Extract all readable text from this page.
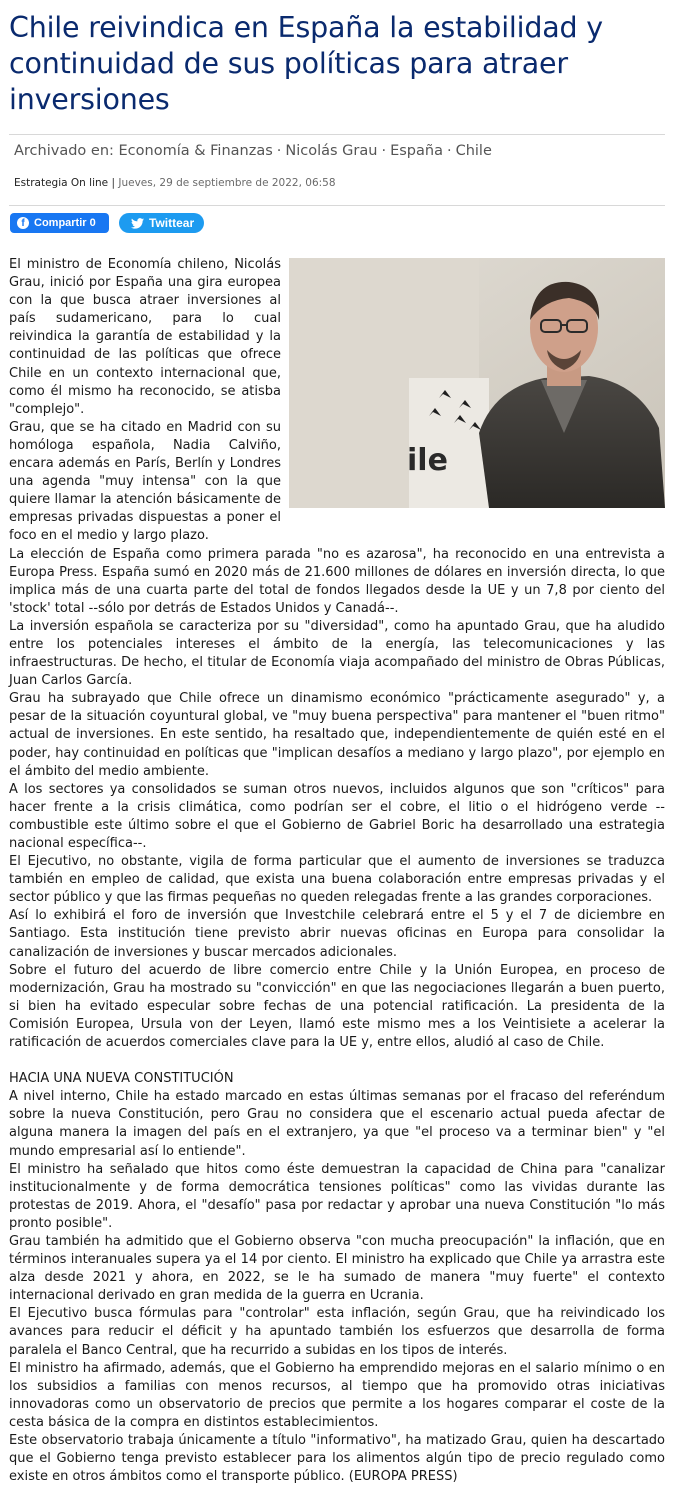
Chile reivindica en España la estabilidad y continuidad de sus políticas para atraer inversiones
Archivado en: Economía & Finanzas · Nicolás Grau · España · Chile
Estrategia On line | Jueves, 29 de septiembre de 2022, 06:58
f Compartir 0	Twittear
ile

El ministro de Economía chileno, Nicolás Grau, inició por España una gira europea con la que busca atraer inversiones al país sudamericano, para lo cual reivindica la garantía de estabilidad y la continuidad de las políticas que ofrece Chile en un contexto internacional que, como él mismo ha reconocido, se atisba "complejo".

Grau, que se ha citado en Madrid con su homóloga española, Nadia Calviño, encara además en París, Berlín y Londres una agenda "muy intensa" con la que quiere llamar la atención básicamente de empresas privadas dispuestas a poner el foco en el medio y largo plazo.

La elección de España como primera parada "no es azarosa", ha reconocido en una entrevista a Europa Press. España sumó en 2020 más de 21.600 millones de dólares en inversión directa, lo que implica más de una cuarta parte del total de fondos llegados desde la UE y un 7,8 por ciento del 'stock' total --sólo por detrás de Estados Unidos y Canadá--.

La inversión española se caracteriza por su "diversidad", como ha apuntado Grau, que ha aludido entre los potenciales intereses el ámbito de la energía, las telecomunicaciones y las infraestructuras. De hecho, el titular de Economía viaja acompañado del ministro de Obras Públicas, Juan Carlos García.

Grau ha subrayado que Chile ofrece un dinamismo económico "prácticamente asegurado" y, a pesar de la situación coyuntural global, ve "muy buena perspectiva" para mantener el "buen ritmo" actual de inversiones. En este sentido, ha resaltado que, independientemente de quién esté en el poder, hay continuidad en políticas que "implican desafíos a mediano y largo plazo", por ejemplo en el ámbito del medio ambiente.

A los sectores ya consolidados se suman otros nuevos, incluidos algunos que son "críticos" para hacer frente a la crisis climática, como podrían ser el cobre, el litio o el hidrógeno verde --combustible este último sobre el que el Gobierno de Gabriel Boric ha desarrollado una estrategia nacional específica--.

El Ejecutivo, no obstante, vigila de forma particular que el aumento de inversiones se traduzca también en empleo de calidad, que exista una buena colaboración entre empresas privadas y el sector público y que las firmas pequeñas no queden relegadas frente a las grandes corporaciones.

Así lo exhibirá el foro de inversión que Investchile celebrará entre el 5 y el 7 de diciembre en Santiago. Esta institución tiene previsto abrir nuevas oficinas en Europa para consolidar la canalización de inversiones y buscar mercados adicionales.

Sobre el futuro del acuerdo de libre comercio entre Chile y la Unión Europea, en proceso de modernización, Grau ha mostrado su "convicción" en que las negociaciones llegarán a buen puerto, si bien ha evitado especular sobre fechas de una potencial ratificación. La presidenta de la Comisión Europea, Ursula von der Leyen, llamó este mismo mes a los Veintisiete a acelerar la ratificación de acuerdos comerciales clave para la UE y, entre ellos, aludió al caso de Chile.

HACIA UNA NUEVA CONSTITUCIÓN

A nivel interno, Chile ha estado marcado en estas últimas semanas por el fracaso del referéndum sobre la nueva Constitución, pero Grau no considera que el escenario actual pueda afectar de alguna manera la imagen del país en el extranjero, ya que "el proceso va a terminar bien" y "el mundo empresarial así lo entiende".

El ministro ha señalado que hitos como éste demuestran la capacidad de China para "canalizar institucionalmente y de forma democrática tensiones políticas" como las vividas durante las protestas de 2019. Ahora, el "desafío" pasa por redactar y aprobar una nueva Constitución "lo más pronto posible".

Grau también ha admitido que el Gobierno observa "con mucha preocupación" la inflación, que en términos interanuales supera ya el 14 por ciento. El ministro ha explicado que Chile ya arrastra este alza desde 2021 y ahora, en 2022, se le ha sumado de manera "muy fuerte" el contexto internacional derivado en gran medida de la guerra en Ucrania.

El Ejecutivo busca fórmulas para "controlar" esta inflación, según Grau, que ha reivindicado los avances para reducir el déficit y ha apuntado también los esfuerzos que desarrolla de forma paralela el Banco Central, que ha recurrido a subidas en los tipos de interés.

El ministro ha afirmado, además, que el Gobierno ha emprendido mejoras en el salario mínimo o en los subsidios a familias con menos recursos, al tiempo que ha promovido otras iniciativas innovadoras como un observatorio de precios que permite a los hogares comparar el coste de la cesta básica de la compra en distintos establecimientos.

Este observatorio trabaja únicamente a título "informativo", ha matizado Grau, quien ha descartado que el Gobierno tenga previsto establecer para los alimentos algún tipo de precio regulado como existe en otros ámbitos como el transporte público. (EUROPA PRESS)
